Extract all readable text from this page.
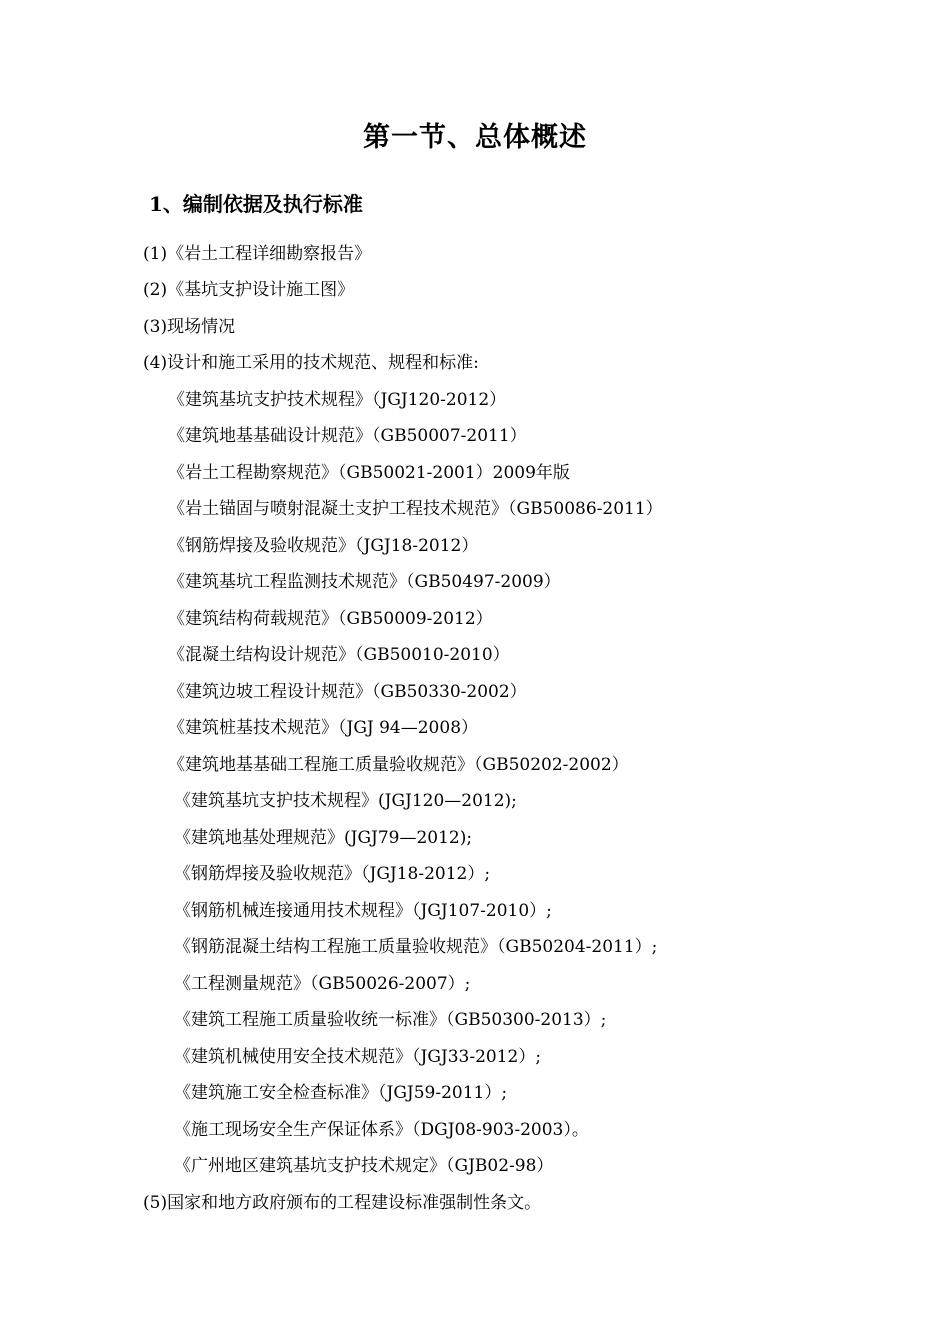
第一节、总体概述
1、编制依据及执行标准
(1)《岩土工程详细勘察报告》
(2)《基坑支护设计施工图》
(3)现场情况
(4)设计和施工采用的技术规范、规程和标准:
《建筑基坑支护技术规程》（JGJ120-2012）
《建筑地基基础设计规范》（GB50007-2011）
《岩土工程勘察规范》（GB50021-2001）2009年版
《岩土锚固与喷射混凝土支护工程技术规范》（GB50086-2011）
《钢筋焊接及验收规范》（JGJ18-2012）
《建筑基坑工程监测技术规范》（GB50497-2009）
《建筑结构荷载规范》（GB50009-2012）
《混凝土结构设计规范》（GB50010-2010）
《建筑边坡工程设计规范》（GB50330-2002）
《建筑桩基技术规范》（JGJ 94—2008）
《建筑地基基础工程施工质量验收规范》（GB50202-2002）
《建筑基坑支护技术规程》(JGJ120—2012);
《建筑地基处理规范》(JGJ79—2012);
《钢筋焊接及验收规范》（JGJ18-2012）;
《钢筋机械连接通用技术规程》（JGJ107-2010）;
《钢筋混凝土结构工程施工质量验收规范》（GB50204-2011）;
《工程测量规范》（GB50026-2007）;
《建筑工程施工质量验收统一标准》（GB50300-2013）;
《建筑机械使用安全技术规范》（JGJ33-2012）;
《建筑施工安全检查标准》（JGJ59-2011）;
《施工现场安全生产保证体系》（DGJ08-903-2003）。
《广州地区建筑基坑支护技术规定》（GJB02-98）
(5)国家和地方政府颁布的工程建设标准强制性条文。
